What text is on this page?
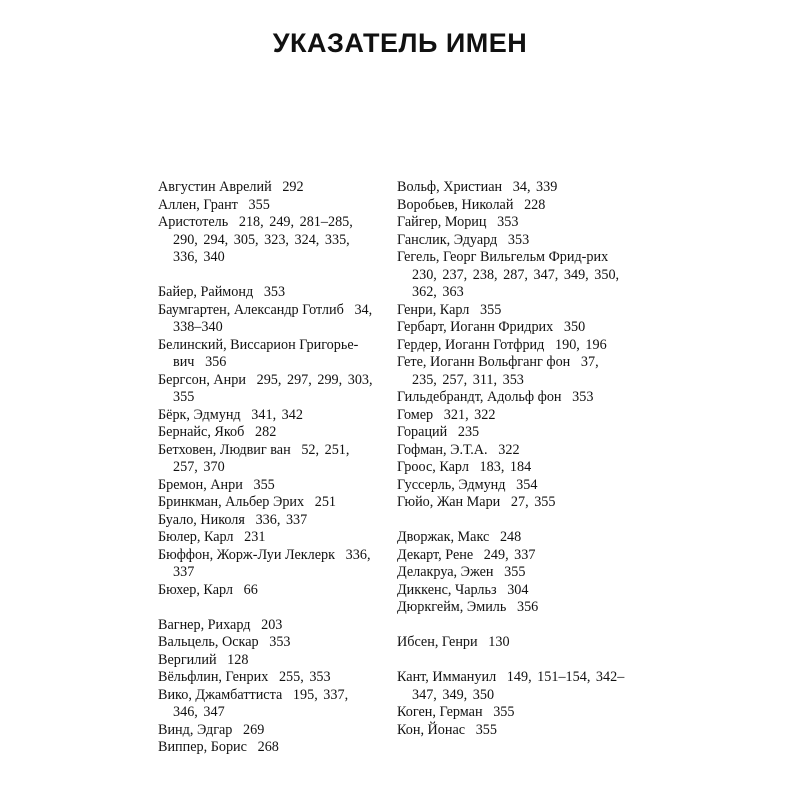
УКАЗАТЕЛЬ ИМЕН
Августин Аврелий 292
Аллен, Грант 355
Аристотель 218, 249, 281–285, 290, 294, 305, 323, 324, 335, 336, 340
Байер, Раймонд 353
Баумгартен, Александр Готлиб 34, 338–340
Белинский, Виссарион Григорье-вич 356
Бергсон, Анри 295, 297, 299, 303, 355
Бёрк, Эдмунд 341, 342
Бернайс, Якоб 282
Бетховен, Людвиг ван 52, 251, 257, 370
Бремон, Анри 355
Бринкман, Альбер Эрих 251
Буало, Николя 336, 337
Бюлер, Карл 231
Бюффон, Жорж-Луи Леклерк 336, 337
Бюхер, Карл 66
Вагнер, Рихард 203
Вальцель, Оскар 353
Вергилий 128
Вёльфлин, Генрих 255, 353
Вико, Джамбаттиста 195, 337, 346, 347
Винд, Эдгар 269
Виппер, Борис 268
Вольф, Христиан 34, 339
Воробьев, Николай 228
Гайгер, Мориц 353
Ганслик, Эдуард 353
Гегель, Георг Вильгельм Фрид-рих   230, 237, 238, 287, 347, 349, 350, 362, 363
Генри, Карл 355
Гербарт, Иоганн Фридрих 350
Гердер, Иоганн Готфрид 190, 196
Гете, Иоганн Вольфганг фон 37, 235, 257, 311, 353
Гильдебрандт, Адольф фон 353
Гомер 321, 322
Гораций 235
Гофман, Э.Т.А. 322
Гроос, Карл 183, 184
Гуссерль, Эдмунд 354
Гюйо, Жан Мари 27, 355
Дворжак, Макс 248
Декарт, Рене 249, 337
Делакруа, Эжен 355
Диккенс, Чарльз 304
Дюркгейм, Эмиль 356
Ибсен, Генри 130
Кант, Иммануил 149, 151–154, 342–347, 349, 350
Коген, Герман 355
Кон, Йонас 355
